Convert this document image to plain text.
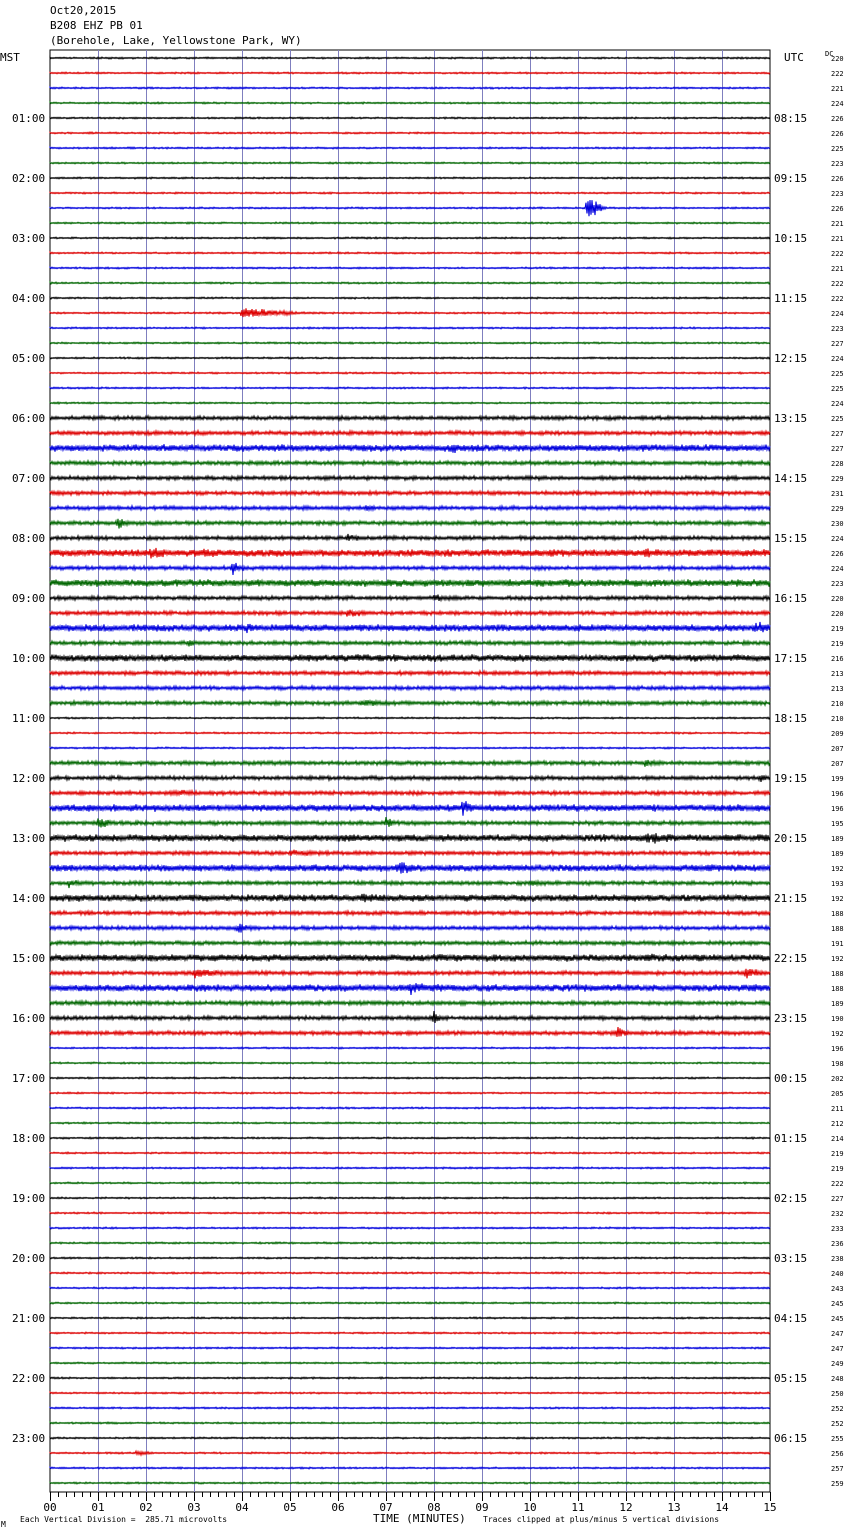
Oct20,2015
B208 EHZ PB 01
(Borehole, Lake, Yellowstone Park, WY)
MST	UTC	DC
01:00
02:00
03:00
04:00
05:00
06:00
07:00
08:00
09:00
10:00
11:00
12:00
13:00
14:00
15:00
16:00
17:00
18:00
19:00
20:00
21:00
22:00
23:00
08:15
09:15
10:15
11:15
12:15
13:15
14:15
15:15
16:15
17:15
18:15
19:15
20:15
21:15
22:15
23:15
00:15
01:15
02:15
03:15
04:15
05:15
06:15
220
222
221
224
226
226
225
223
226
223
226
221
221
222
221
222
222
224
223
227
224
225
225
224
225
227
227
228
229
231
229
230
224
226
224
223
220
220
219
219
216
213
213
210
210
209
207
207
199
196
196
195
189
189
192
193
192
188
188
191
192
188
188
189
190
192
196
198
202
205
211
212
214
219
219
222
227
232
233
236
238
240
243
245
245
247
247
249
248
250
252
252
255
256
257
259
00	01	02	03	04	05	06	07	08	09	10	11	12	13	14	15
M
Each Vertical Division =  285.71 microvolts	TIME (MINUTES) Traces clipped at plus/minus 5 vertical divisions
